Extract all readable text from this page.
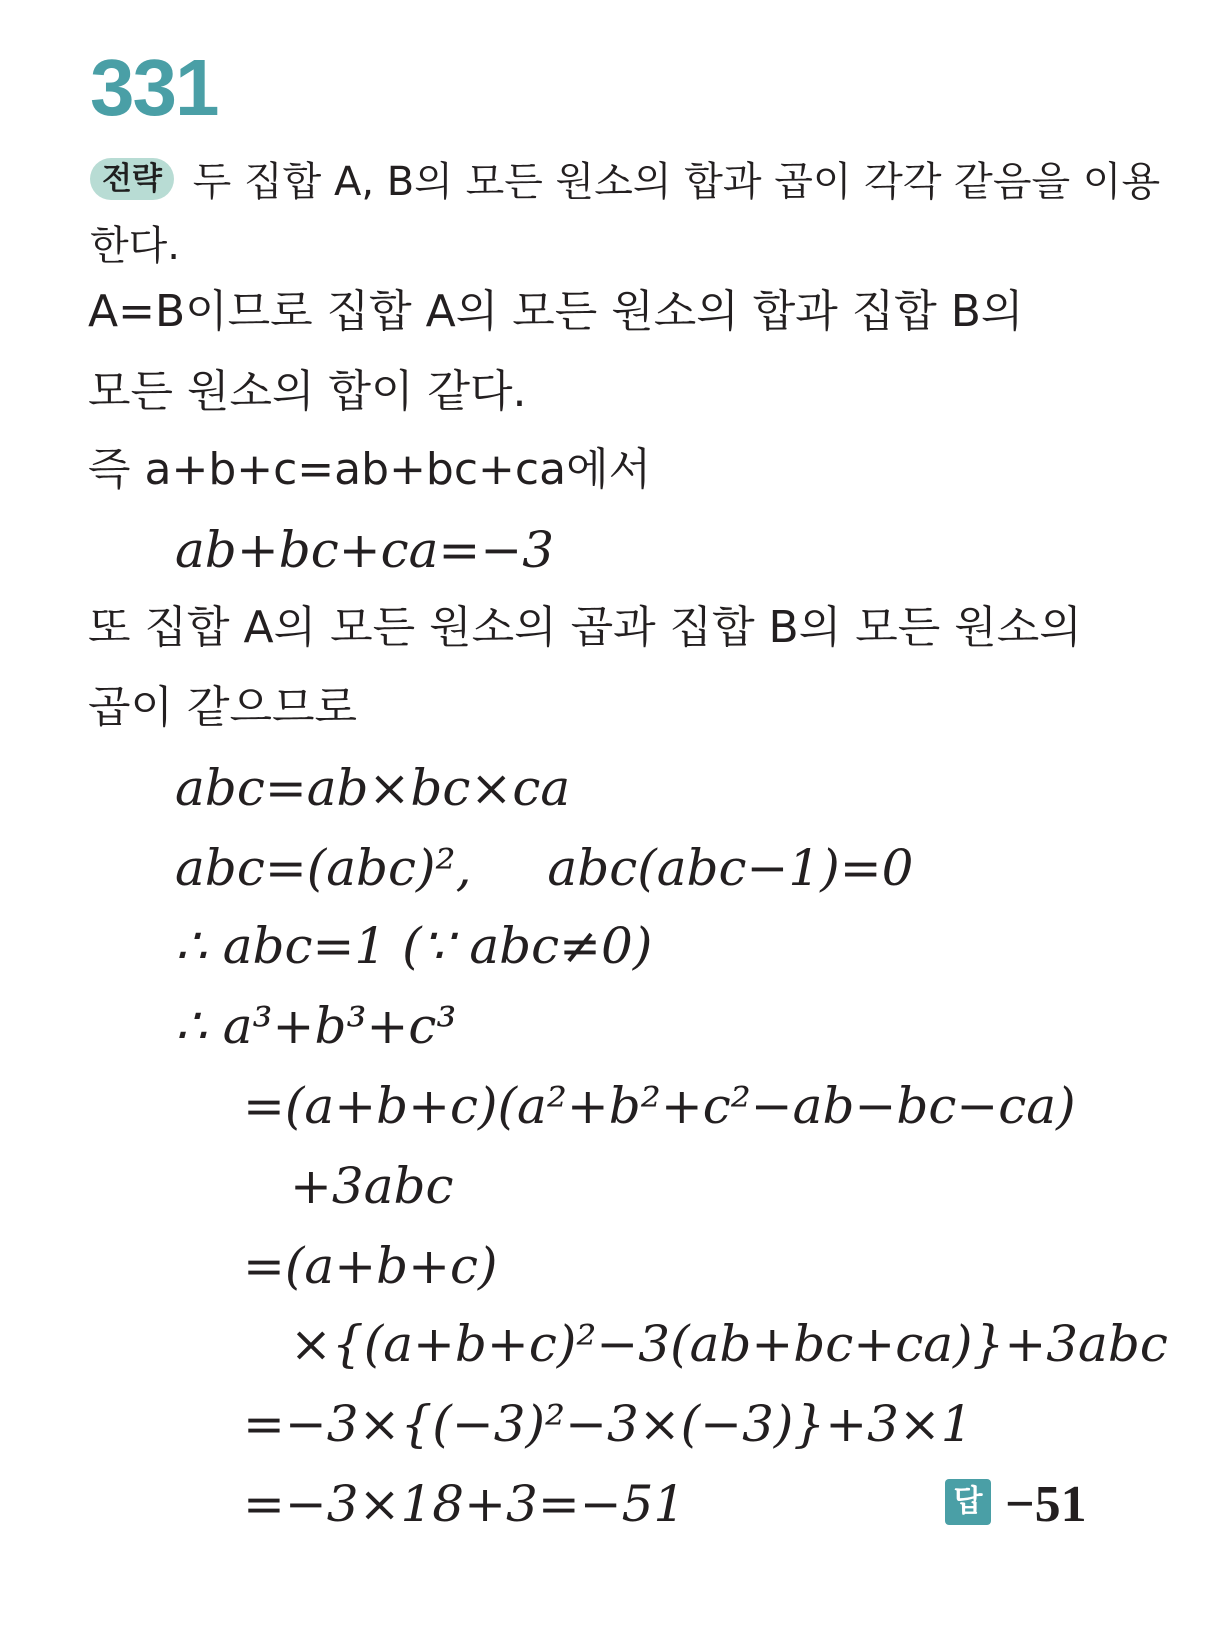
331
전략 두 집합 A, B의 모든 원소의 합과 곱이 각각 같음을 이용한다.
A=B이므로 집합 A의 모든 원소의 합과 집합 B의
모든 원소의 합이 같다.
즉 a+b+c=ab+bc+ca에서
ab+bc+ca=−3
또 집합 A의 모든 원소의 곱과 집합 B의 모든 원소의
곱이 같으므로
abc=ab×bc×ca
abc=(abc)², abc(abc−1)=0
∴ abc=1 (∵ abc≠0)
∴ a³+b³+c³
=(a+b+c)(a²+b²+c²−ab−bc−ca)
+3abc
=(a+b+c)
×{(a+b+c)²−3(ab+bc+ca)}+3abc
=−3×{(−3)²−3×(−3)}+3×1
=−3×18+3=−51	답 −51
